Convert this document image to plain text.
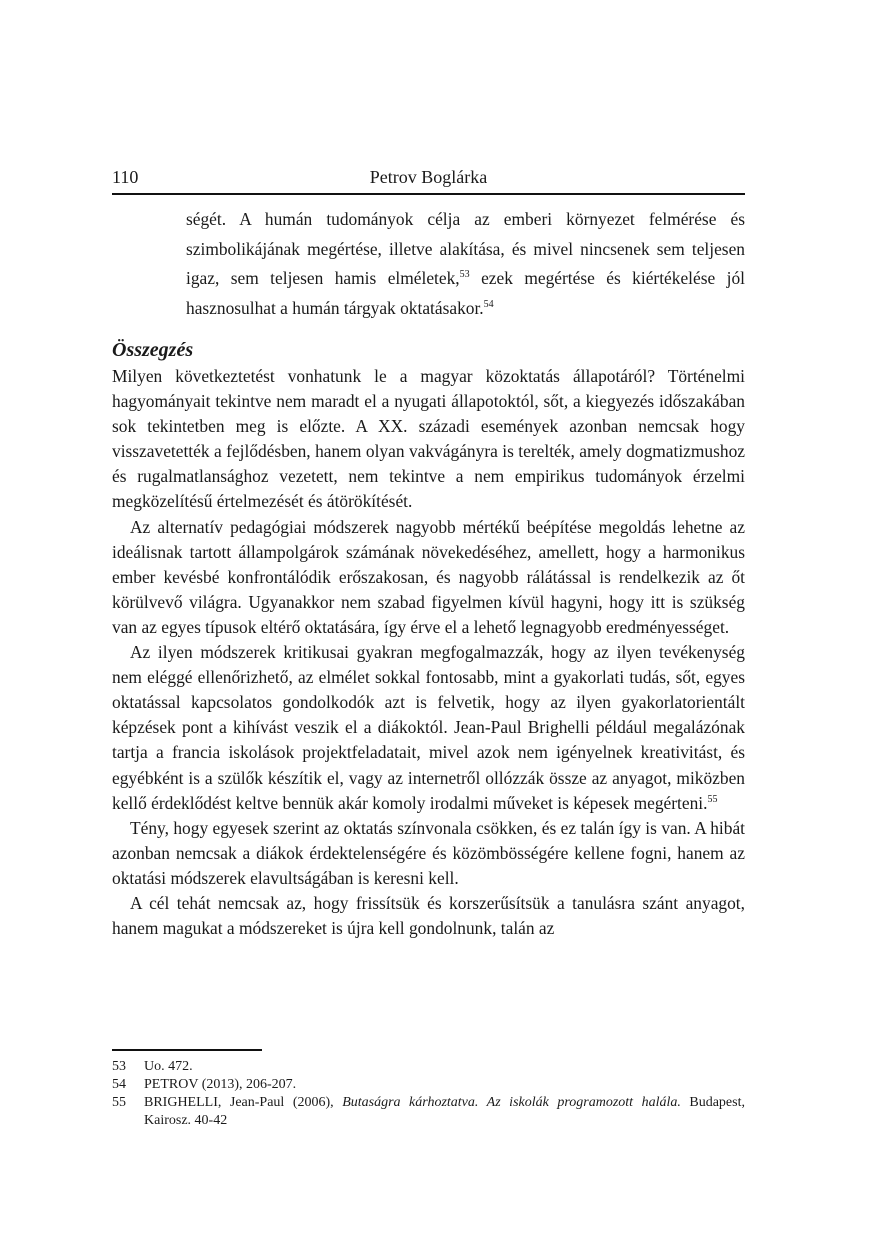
110	Petrov Boglárka
ségét. A humán tudományok célja az emberi környezet felmérése és szimbolikájának megértése, illetve alakítása, és mivel nincsenek sem teljesen igaz, sem teljesen hamis elméletek,$^{53}$ ezek megértése és kiértékelése jól hasznosulhat a humán tárgyak oktatásakor.$^{54}$
Összegzés

Milyen következtetést vonhatunk le a magyar közoktatás állapotáról? Történelmi hagyományait tekintve nem maradt el a nyugati állapotoktól, sőt, a kiegyezés időszakában sok tekintetben meg is előzte. A XX. századi események azonban nemcsak hogy visszavetették a fejlődésben, hanem olyan vakvágányra is terelték, amely dogmatizmushoz és rugalmatlansághoz vezetett, nem tekintve a nem empirikus tudományok érzelmi megközelítésű értelmezését és átörökítését.

Az alternatív pedagógiai módszerek nagyobb mértékű beépítése megoldás lehetne az ideálisnak tartott állampolgárok számának növekedéséhez, amellett, hogy a harmonikus ember kevésbé konfrontálódik erőszakosan, és nagyobb rálátással is rendelkezik az őt körülvevő világra. Ugyanakkor nem szabad figyelmen kívül hagyni, hogy itt is szükség van az egyes típusok eltérő oktatására, így érve el a lehető legnagyobb eredményességet.

Az ilyen módszerek kritikusai gyakran megfogalmazzák, hogy az ilyen tevékenység nem eléggé ellenőrizhető, az elmélet sokkal fontosabb, mint a gyakorlati tudás, sőt, egyes oktatással kapcsolatos gondolkodók azt is felvetik, hogy az ilyen gyakorlatorientált képzések pont a kihívást veszik el a diákoktól. Jean-Paul Brighelli például megalázónak tartja a francia iskolások projektfeladatait, mivel azok nem igényelnek kreativitást, és egyébként is a szülők készítik el, vagy az internetről ollózzák össze az anyagot, miközben kellő érdeklődést keltve bennük akár komoly irodalmi műveket is képesek megérteni.$^{55}$

Tény, hogy egyesek szerint az oktatás színvonala csökken, és ez talán így is van. A hibát azonban nemcsak a diákok érdektelenségére és közömbösségére kellene fogni, hanem az oktatási módszerek elavultságában is keresni kell.

A cél tehát nemcsak az, hogy frissítsük és korszerűsítsük a tanulásra szánt anyagot, hanem magukat a módszereket is újra kell gondolnunk, talán az

53 Uo. 472.
54 PETROV (2013), 206-207.
55 BRIGHELLI, Jean-Paul (2006), Butaságra kárhoztatva. Az iskolák programozott halála. Budapest, Kairosz. 40-42
